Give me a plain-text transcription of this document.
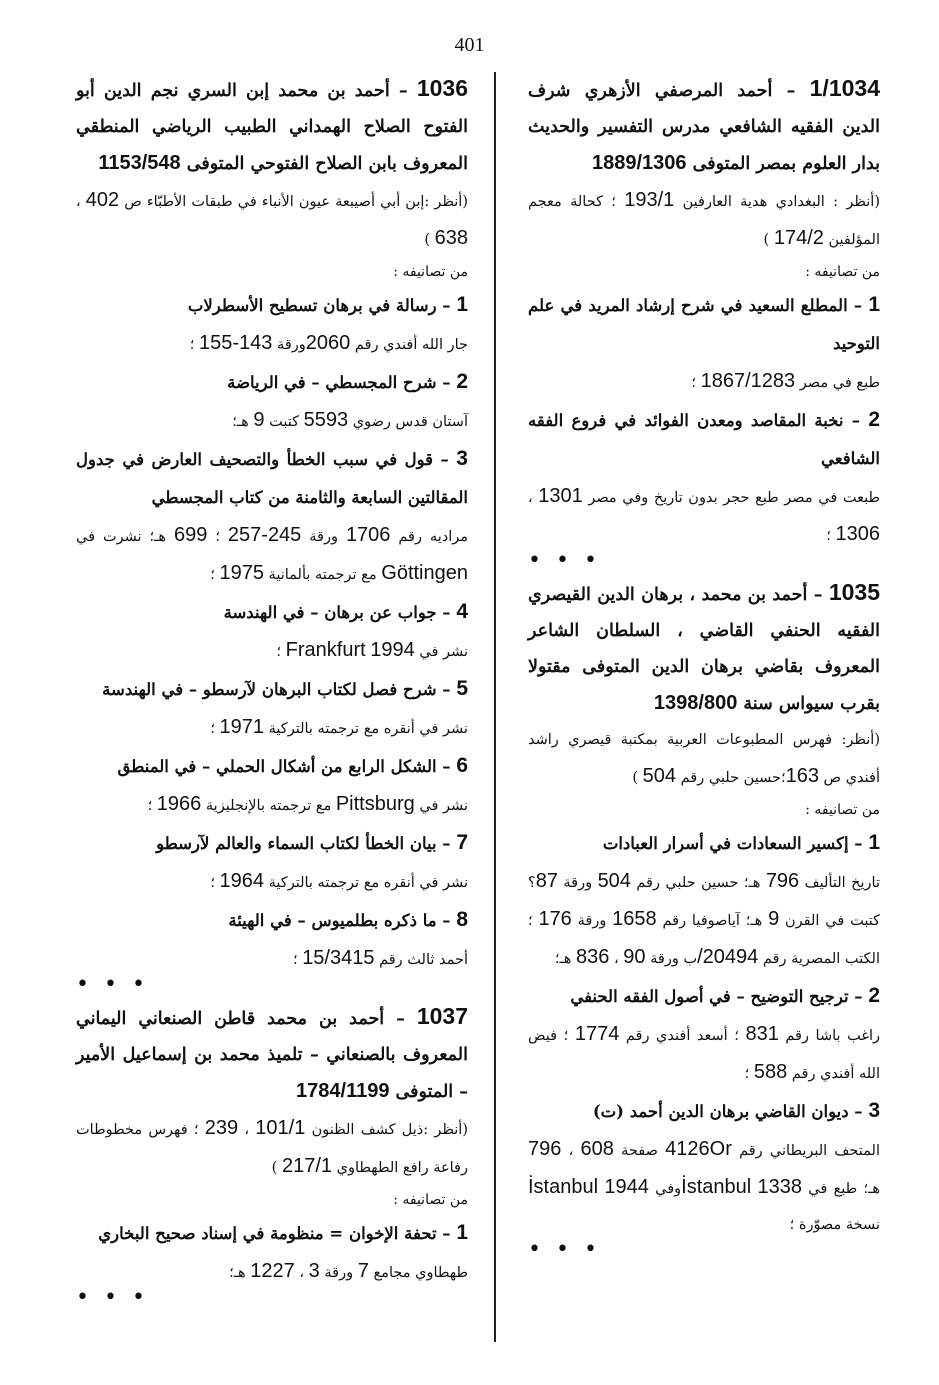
401

1/1034 – أحمد المرصفي الأزهري شرف الدين الفقيه الشافعي مدرس التفسير والحديث بدار العلوم بمصر المتوفى 1889/1306

(أنظر : البغدادي هدية العارفين 193/1 ؛ كحالة معجم المؤلفين 174/2 )

من تصانيفه :

1 – المطلع السعيد في شرح إرشاد المريد في علم التوحيد

طبع في مصر 1867/1283 ؛

2 – نخبة المقاصد ومعدن الفوائد في فروع الفقه الشافعي

طبعت في مصر طبع حجر بدون تاريخ وفي مصر 1301 ، 1306 ؛

• • •

1035 – أحمد بن محمد ، برهان الدين القيصري الفقيه الحنفي القاضي ، السلطان الشاعر المعروف بقاضي برهان الدين المتوفى مقتولا بقرب سيواس سنة 1398/800

(أنظر: فهرس المطبوعات العربية بمكتبة قيصري راشد أفندي ص 163؛حسين حلبي رقم 504 )

من تصانيفه :

1 – إكسير السعادات في أسرار العبادات

تاريخ التأليف 796 هـ؛ حسين حلبي رقم 504 ورقة 87؟ كتبت في القرن 9 هـ؛ آياصوفيا رقم 1658 ورقة 176 ؛ الكتب المصرية رقم 20494/ب ورقة 90 ، 836 هـ؛

2 – ترجيح التوضيح – في أصول الفقه الحنفي

راغب باشا رقم 831 ؛ أسعد أفندي رقم 1774 ؛ فيض الله أفندي رقم 588 ؛

3 – ديوان القاضي برهان الدين أحمد (ت)

المتحف البريطاني رقم 4126Or صفحة 608 ، 796 هـ؛ طبع في İstanbul 1338وفي İstanbul 1944 نسخة مصوّرة ؛

• • •

1036 – أحمد بن محمد إبن السري نجم الدين أبو الفتوح الصلاح الهمداني الطبيب الرياضي المنطقي المعروف بابن الصلاح الفتوحي المتوفى 1153/548

(أنظر :إبن أبي أصيبعة عيون الأنباء في طبقات الأطبّاء ص 402 ، 638 )

من تصانيفه :

1 – رسالة في برهان تسطيح الأسطرلاب

جار الله أفندي رقم 2060ورقة 143-155 ؛

2 – شرح المجسطي – في الرياضة

آستان قدس رضوي 5593 كتبت 9 هـ؛

3 – قول في سبب الخطأ والتصحيف العارض في جدول المقالتين السابعة والثامنة من كتاب المجسطي

مراديه رقم 1706 ورقة 245-257 ؛ 699 هـ؛ نشرت في Göttingen مع ترجمته بألمانية 1975 ؛

4 – جواب عن برهان – في الهندسة

نشر في Frankfurt 1994 ؛

5 – شرح فصل لكتاب البرهان لآرسطو – في الهندسة

نشر في أنقره مع ترجمته بالتركية 1971 ؛

6 – الشكل الرابع من أشكال الحملي – في المنطق

نشر في Pittsburg مع ترجمته بالإنجليزية 1966 ؛

7 – بيان الخطأ لكتاب السماء والعالم لآرسطو

نشر في أنقره مع ترجمته بالتركية 1964 ؛

8 – ما ذكره بطلميوس – في الهيئة

أحمد ثالث رقم 15/3415 ؛

• • •

1037 – أحمد بن محمد قاطن الصنعاني اليماني المعروف بالصنعاني – تلميذ محمد بن إسماعيل الأمير – المتوفى 1784/1199

(أنظر :ذيل كشف الظنون 101/1 ، 239 ؛ فهرس مخطوطات رفاعة رافع الطهطاوي 217/1 )

من تصانيفه :

1 – تحفة الإخوان = منظومة في إسناد صحيح البخاري

طهطاوي مجامع 7 ورقة 3 ، 1227 هـ؛

• • •
